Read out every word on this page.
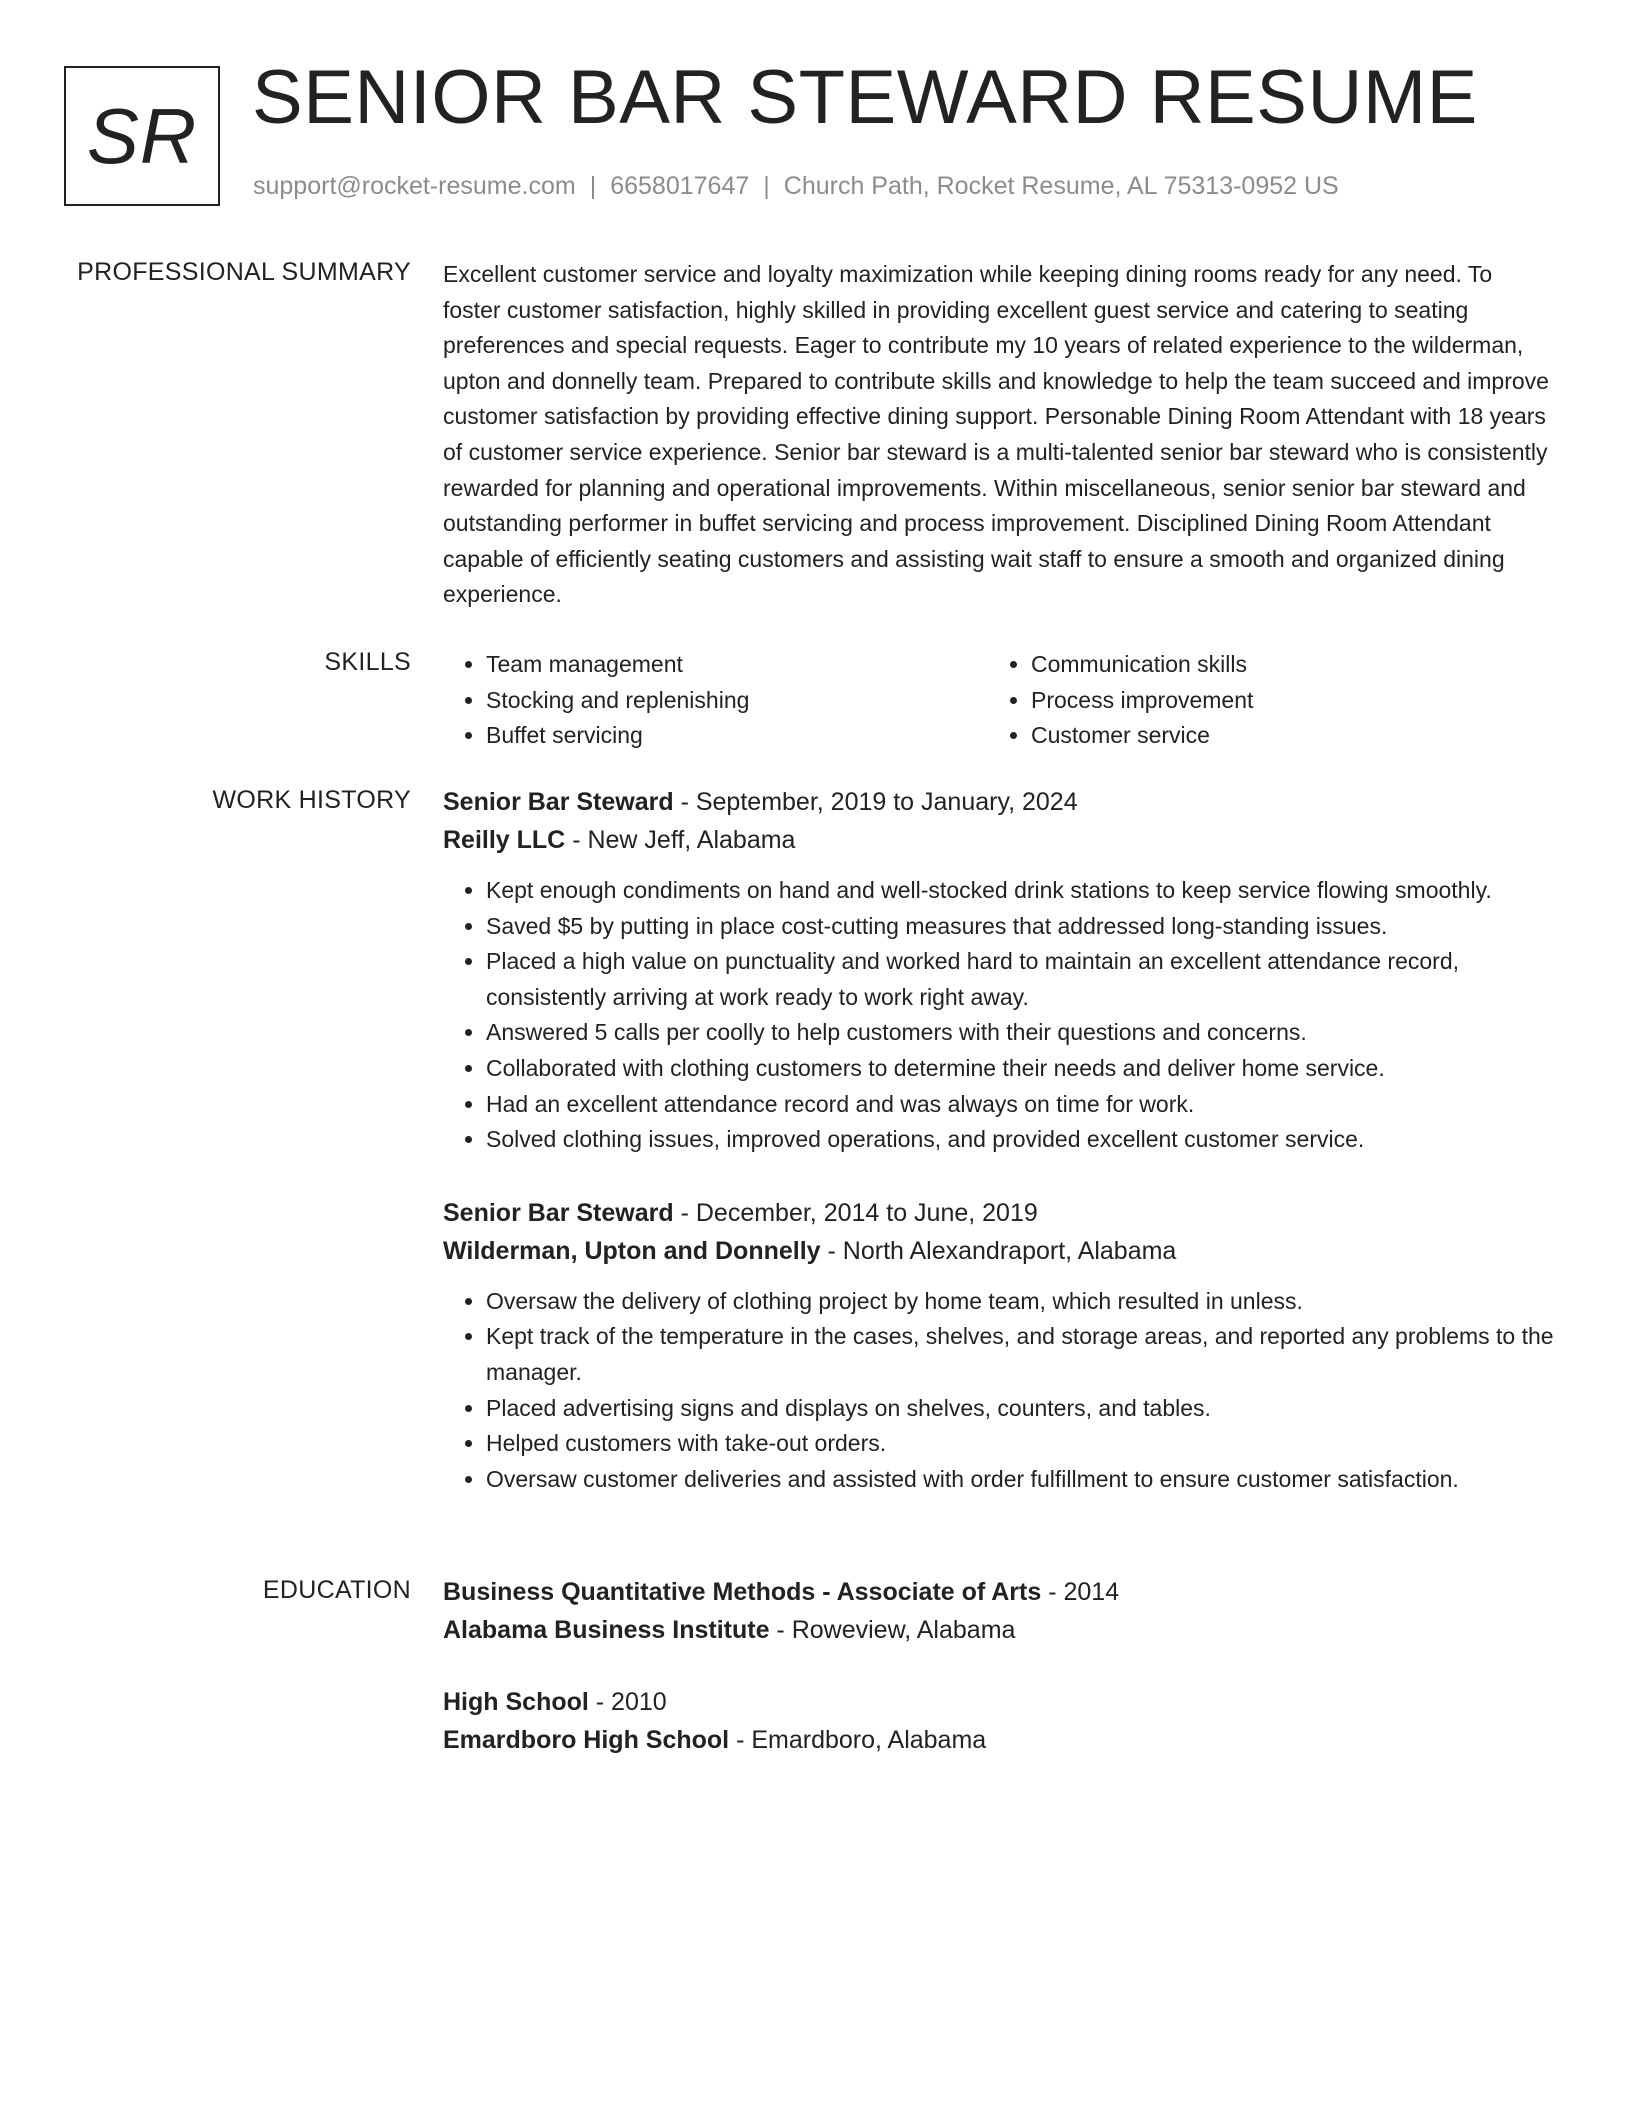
SR SENIOR BAR STEWARD RESUME
support@rocket-resume.com | 6658017647 | Church Path, Rocket Resume, AL 75313-0952 US
PROFESSIONAL SUMMARY Excellent customer service and loyalty maximization while keeping dining rooms ready for any need. To foster customer satisfaction, highly skilled in providing excellent guest service and catering to seating preferences and special requests. Eager to contribute my 10 years of related experience to the wilderman, upton and donnelly team. Prepared to contribute skills and knowledge to help the team succeed and improve customer satisfaction by providing effective dining support. Personable Dining Room Attendant with 18 years of customer service experience. Senior bar steward is a multi-talented senior bar steward who is consistently rewarded for planning and operational improvements. Within miscellaneous, senior senior bar steward and outstanding performer in buffet servicing and process improvement. Disciplined Dining Room Attendant capable of efficiently seating customers and assisting wait staff to ensure a smooth and organized dining experience.

SKILLS
•	Team management
• Stocking and replenishing
• Buffet servicing
• Communication skills
• Process improvement
• Customer service
WORK HISTORY Senior Bar Steward - September, 2019 to January, 2024
Reilly LLC - New Jeff, Alabama
• Kept enough condiments on hand and well-stocked drink stations to keep service flowing smoothly.
• Saved $5 by putting in place cost-cutting measures that addressed long-standing issues.
• Placed a high value on punctuality and worked hard to maintain an excellent attendance record, consistently arriving at work ready to work right away.
• Answered 5 calls per coolly to help customers with their questions and concerns.
• Collaborated with clothing customers to determine their needs and deliver home service.
• Had an excellent attendance record and was always on time for work.
• Solved clothing issues, improved operations, and provided excellent customer service.
Senior Bar Steward - December, 2014 to June, 2019
Wilderman, Upton and Donnelly - North Alexandraport, Alabama
• Oversaw the delivery of clothing project by home team, which resulted in unless.
• Kept track of the temperature in the cases, shelves, and storage areas, and reported any problems to the manager.
• Placed advertising signs and displays on shelves, counters, and tables.
• Helped customers with take-out orders.
• Oversaw customer deliveries and assisted with order fulfillment to ensure customer satisfaction.
EDUCATION Business Quantitative Methods - Associate of Arts - 2014
Alabama Business Institute - Roweview, Alabama
High School - 2010
Emardboro High School - Emardboro, Alabama
